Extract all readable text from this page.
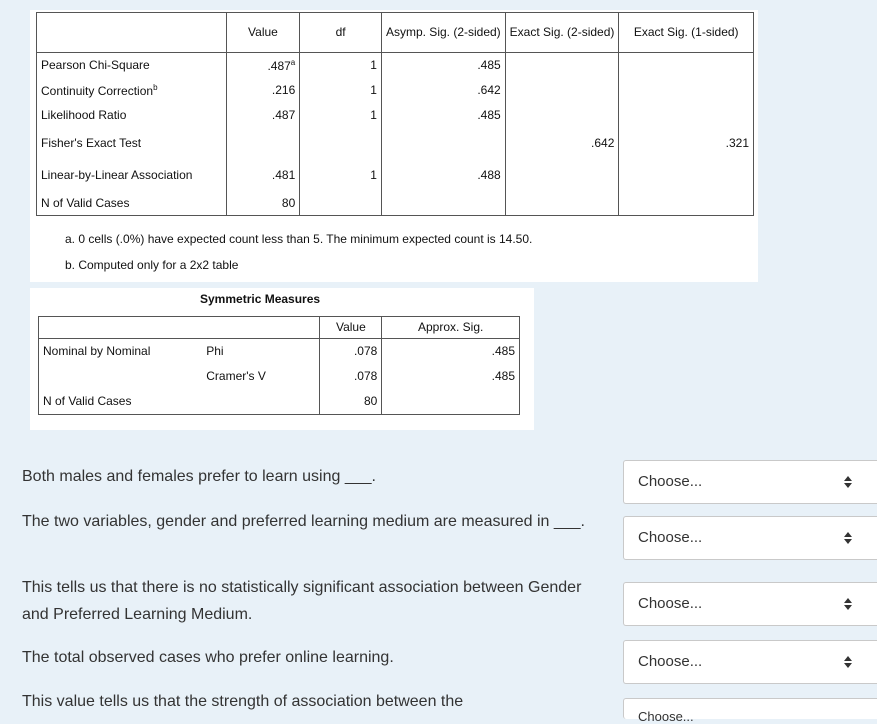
	Value	df	Asymp. Sig. (2-sided)	Exact Sig. (2-sided)	Exact Sig. (1-sided)
Pearson Chi-Square	.487$^a$	1	.485		
Continuity Correction$^b$	.216	1	.642		
Likelihood Ratio	.487	1	.485		
Fisher's Exact Test				.642	.321
Linear-by-Linear Association	.481	1	.488		
N of Valid Cases	80				
a. 0 cells (.0%) have expected count less than 5. The minimum expected count is 14.50.
b. Computed only for a 2x2 table
Symmetric Measures
		Value	Approx. Sig.
Nominal by Nominal	Phi	.078	.485
	Cramer's V	.078	.485
N of Valid Cases		80	
Both males and females prefer to learn using ___.	Choose...
The two variables, gender and preferred learning medium are measured in ___.
Choose...
This tells us that there is no statistically significant association between Gender and Preferred Learning Medium.
Choose...
The total observed cases who prefer online learning.	Choose...
This value tells us that the strength of association between the
Choose...
